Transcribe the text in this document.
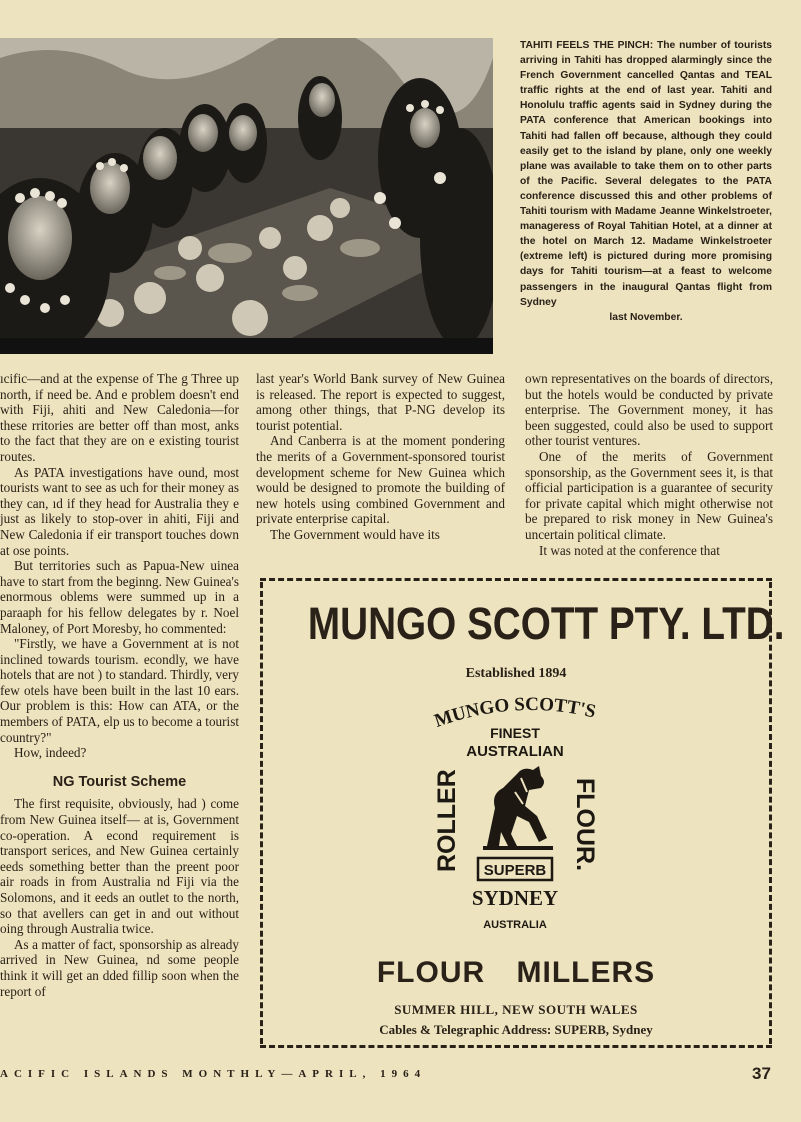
TAHITI FEELS THE PINCH: The number of tourists arriving in Tahiti has dropped alarmingly since the French Government cancelled Qantas and TEAL traffic rights at the end of last year. Tahiti and Honolulu traffic agents said in Sydney during the PATA conference that American bookings into Tahiti had fallen off because, although they could easily get to the island by plane, only one weekly plane was available to take them on to other parts of the Pacific. Several delegates to the PATA conference discussed this and other problems of Tahiti tourism with Madame Jeanne Winkelstroeter, manageress of Royal Tahitian Hotel, at a dinner at the hotel on March 12. Madame Winkelstroeter (extreme left) is pictured during more promising days for Tahiti tourism—at a feast to welcome passengers in the inaugural Qantas flight from Sydney
last November.

ıcific—and at the expense of The g Three up north, if need be. And e problem doesn't end with Fiji, ahiti and New Caledonia—for these rritories are better off than most, anks to the fact that they are on e existing tourist routes.

As PATA investigations have ound, most tourists want to see as uch for their money as they can, ıd if they head for Australia they e just as likely to stop-over in ahiti, Fiji and New Caledonia if eir transport touches down at ose points.

But territories such as Papua-New uinea have to start from the beginng. New Guinea's enormous oblems were summed up in a paraaph for his fellow delegates by r. Noel Maloney, of Port Moresby, ho commented:

"Firstly, we have a Government at is not inclined towards tourism. econdly, we have hotels that are not ) to standard. Thirdly, very few otels have been built in the last 10 ears. Our problem is this: How can ATA, or the members of PATA, elp us to become a tourist country?"

How, indeed?

NG Tourist Scheme

The first requisite, obviously, had ) come from New Guinea itself— at is, Government co-operation. A econd requirement is transport serices, and New Guinea certainly eeds something better than the preent poor air roads in from Australia nd Fiji via the Solomons, and it eeds an outlet to the north, so that avellers can get in and out without oing through Australia twice.

As a matter of fact, sponsorship as already arrived in New Guinea, nd some people think it will get an dded fillip soon when the report of

last year's World Bank survey of New Guinea is released. The report is expected to suggest, among other things, that P-NG develop its tourist potential.

And Canberra is at the moment pondering the merits of a Government-sponsored tourist development scheme for New Guinea which would be designed to promote the building of new hotels using combined Government and private enterprise capital.

The Government would have its

own representatives on the boards of directors, but the hotels would be conducted by private enterprise. The Government money, it has been suggested, could also be used to support other tourist ventures.

One of the merits of Government sponsorship, as the Government sees it, is that official participation is a guarantee of security for private capital which might otherwise not be prepared to risk money in New Guinea's uncertain political climate.

It was noted at the conference that

MUNGO SCOTT PTY. LTD.
Established 1894
MUNGO SCOTT'S
FINEST
AUSTRALIAN
ROLLER	FLOUR.
SUPERB
SYDNEY
AUSTRALIA
FLOUR MILLERS
SUMMER HILL, NEW SOUTH WALES
Cables & Telegraphic Address: SUPERB, Sydney
ACIFIC ISLANDS MONTHLY—APRIL, 1964	37
